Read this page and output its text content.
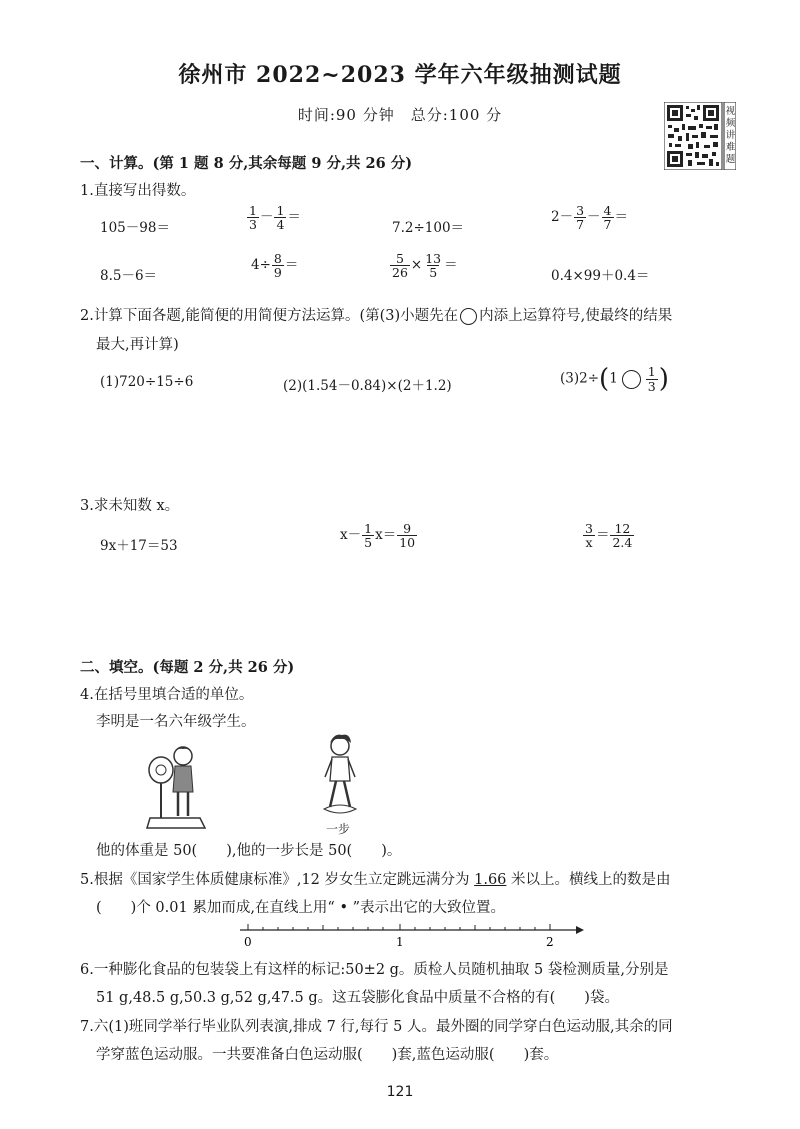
徐州市 2022~2023 学年六年级抽测试题
时间:90 分钟　总分:100 分	视频讲难题
一、计算。(第 1 题 8 分,其余每题 9 分,共 26 分)
1.直接写出得数。
105－98＝	$\frac{1}{3} - \frac{1}{4}$ ＝
7.2÷100＝
$2- \frac{3}{7} - \frac{4}{7}$ ＝
8.5－6＝
$4\div \frac{8}{9}$ ＝	$\frac{5}{26} \times \frac{13}{5}$ ＝
0.4×99＋0.4＝
2.计算下面各题,能简便的用简便方法运算。(第(3)小题先在 内添上运算符号,使最终的结果
最大,再计算)
(1)720÷15÷6	(2)(1.54－0.84)×(2＋1.2)	$(3)2\div(1 \frac{1}{3}$ )
3.求未知数 x。
9x＋17＝53
$x- \frac{1}{5} x= \frac{9}{10}$	$\frac{3}{x} = \frac{12}{2.4}$
二、填空。(每题 2 分,共 26 分)
4.在括号里填合适的单位。
李明是一名六年级学生。
一步
他的体重是 50(　　),他的一步长是 50(　　)。
5.根据《国家学生体质健康标准》,12 岁女生立定跳远满分为 1.66 米以上。横线上的数是由
(　　)个 0.01 累加而成,在直线上用“ • ”表示出它的大致位置。
0	1	2
6.一种膨化食品的包装袋上有这样的标记:50±2 g。质检人员随机抽取 5 袋检测质量,分别是
51 g,48.5 g,50.3 g,52 g,47.5 g。这五袋膨化食品中质量不合格的有(　　)袋。
7.六(1)班同学举行毕业队列表演,排成 7 行,每行 5 人。最外圈的同学穿白色运动服,其余的同
学穿蓝色运动服。一共要准备白色运动服(　　)套,蓝色运动服(　　)套。
121
